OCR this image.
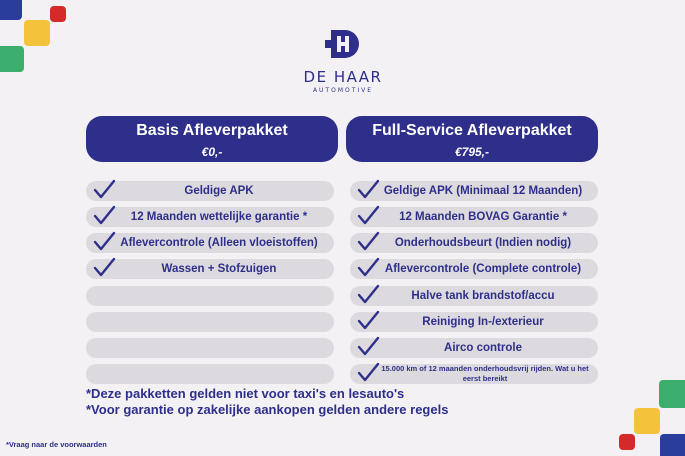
DE HAAR
AUTOMOTIVE
Basis Afleverpakket
€0,-
Full-Service Afleverpakket
€795,-
Geldige APK
12 Maanden wettelijke garantie *
Aflevercontrole (Alleen vloeistoffen)
Wassen + Stofzuigen
Geldige APK (Minimaal 12 Maanden)
12 Maanden BOVAG Garantie *
Onderhoudsbeurt (Indien nodig)
Aflevercontrole (Complete controle)
Halve tank brandstof/accu
Reiniging In-/exterieur
Airco controle
15.000 km of 12 maanden onderhoudsvrij rijden. Wat u het eerst bereikt
*Deze pakketten gelden niet voor taxi's en lesauto's
*Voor garantie op zakelijke aankopen gelden andere regels
*Vraag naar de voorwaarden
